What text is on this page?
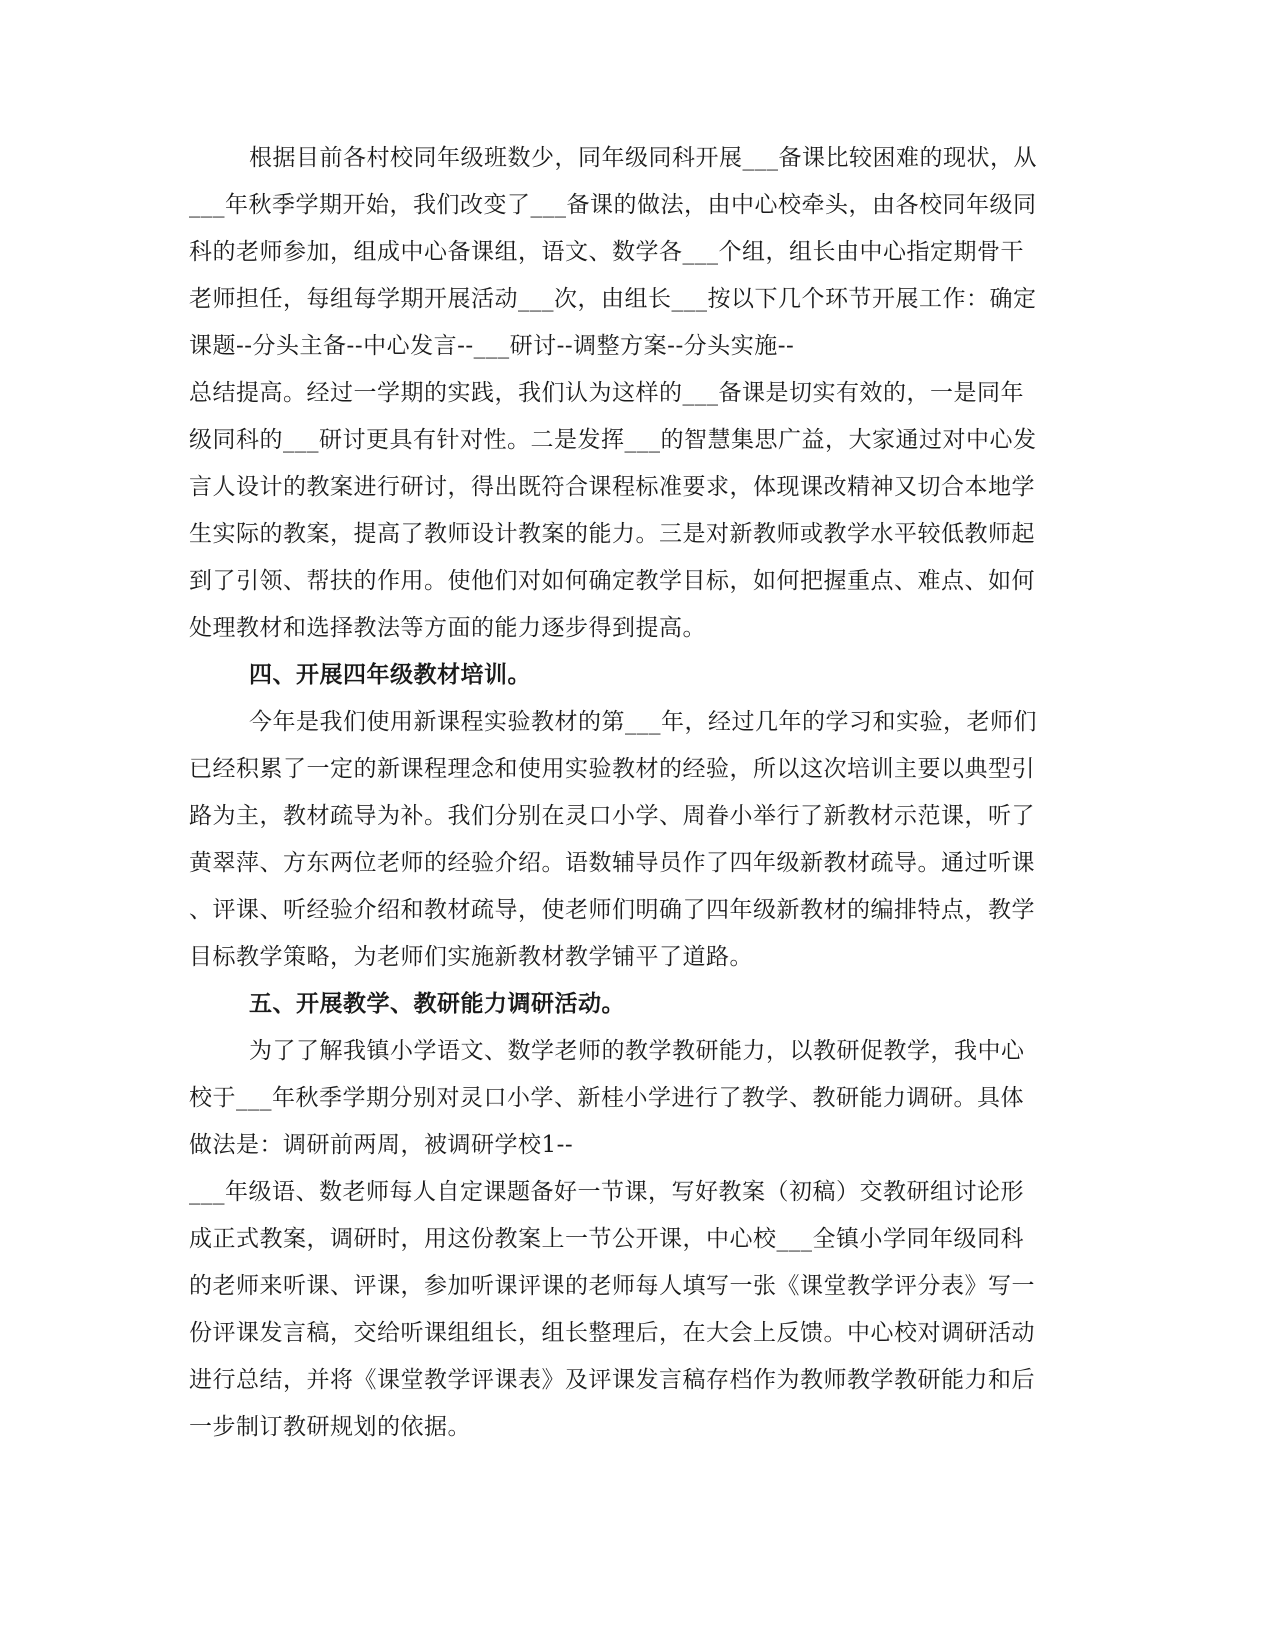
根据目前各村校同年级班数少，同年级同科开展___备课比较困难的现状，从
___年秋季学期开始，我们改变了___备课的做法，由中心校牵头，由各校同年级同
科的老师参加，组成中心备课组，语文、数学各___个组，组长由中心指定期骨干
老师担任，每组每学期开展活动___次，由组长___按以下几个环节开展工作：确定
课题--分头主备--中心发言--___研讨--调整方案--分头实施--
总结提高。经过一学期的实践，我们认为这样的___备课是切实有效的，一是同年
级同科的___研讨更具有针对性。二是发挥___的智慧集思广益，大家通过对中心发
言人设计的教案进行研讨，得出既符合课程标准要求，体现课改精神又切合本地学
生实际的教案，提高了教师设计教案的能力。三是对新教师或教学水平较低教师起
到了引领、帮扶的作用。使他们对如何确定教学目标，如何把握重点、难点、如何
处理教材和选择教法等方面的能力逐步得到提高。
四、开展四年级教材培训。
今年是我们使用新课程实验教材的第___年，经过几年的学习和实验，老师们
已经积累了一定的新课程理念和使用实验教材的经验，所以这次培训主要以典型引
路为主，教材疏导为补。我们分别在灵口小学、周眷小举行了新教材示范课，听了
黄翠萍、方东两位老师的经验介绍。语数辅导员作了四年级新教材疏导。通过听课
、评课、听经验介绍和教材疏导，使老师们明确了四年级新教材的编排特点，教学
目标教学策略，为老师们实施新教材教学铺平了道路。
五、开展教学、教研能力调研活动。
为了了解我镇小学语文、数学老师的教学教研能力，以教研促教学，我中心
校于___年秋季学期分别对灵口小学、新桂小学进行了教学、教研能力调研。具体
做法是：调研前两周，被调研学校1--
___年级语、数老师每人自定课题备好一节课，写好教案（初稿）交教研组讨论形
成正式教案，调研时，用这份教案上一节公开课，中心校___全镇小学同年级同科
的老师来听课、评课，参加听课评课的老师每人填写一张《课堂教学评分表》写一
份评课发言稿，交给听课组组长，组长整理后，在大会上反馈。中心校对调研活动
进行总结，并将《课堂教学评课表》及评课发言稿存档作为教师教学教研能力和后
一步制订教研规划的依据。
